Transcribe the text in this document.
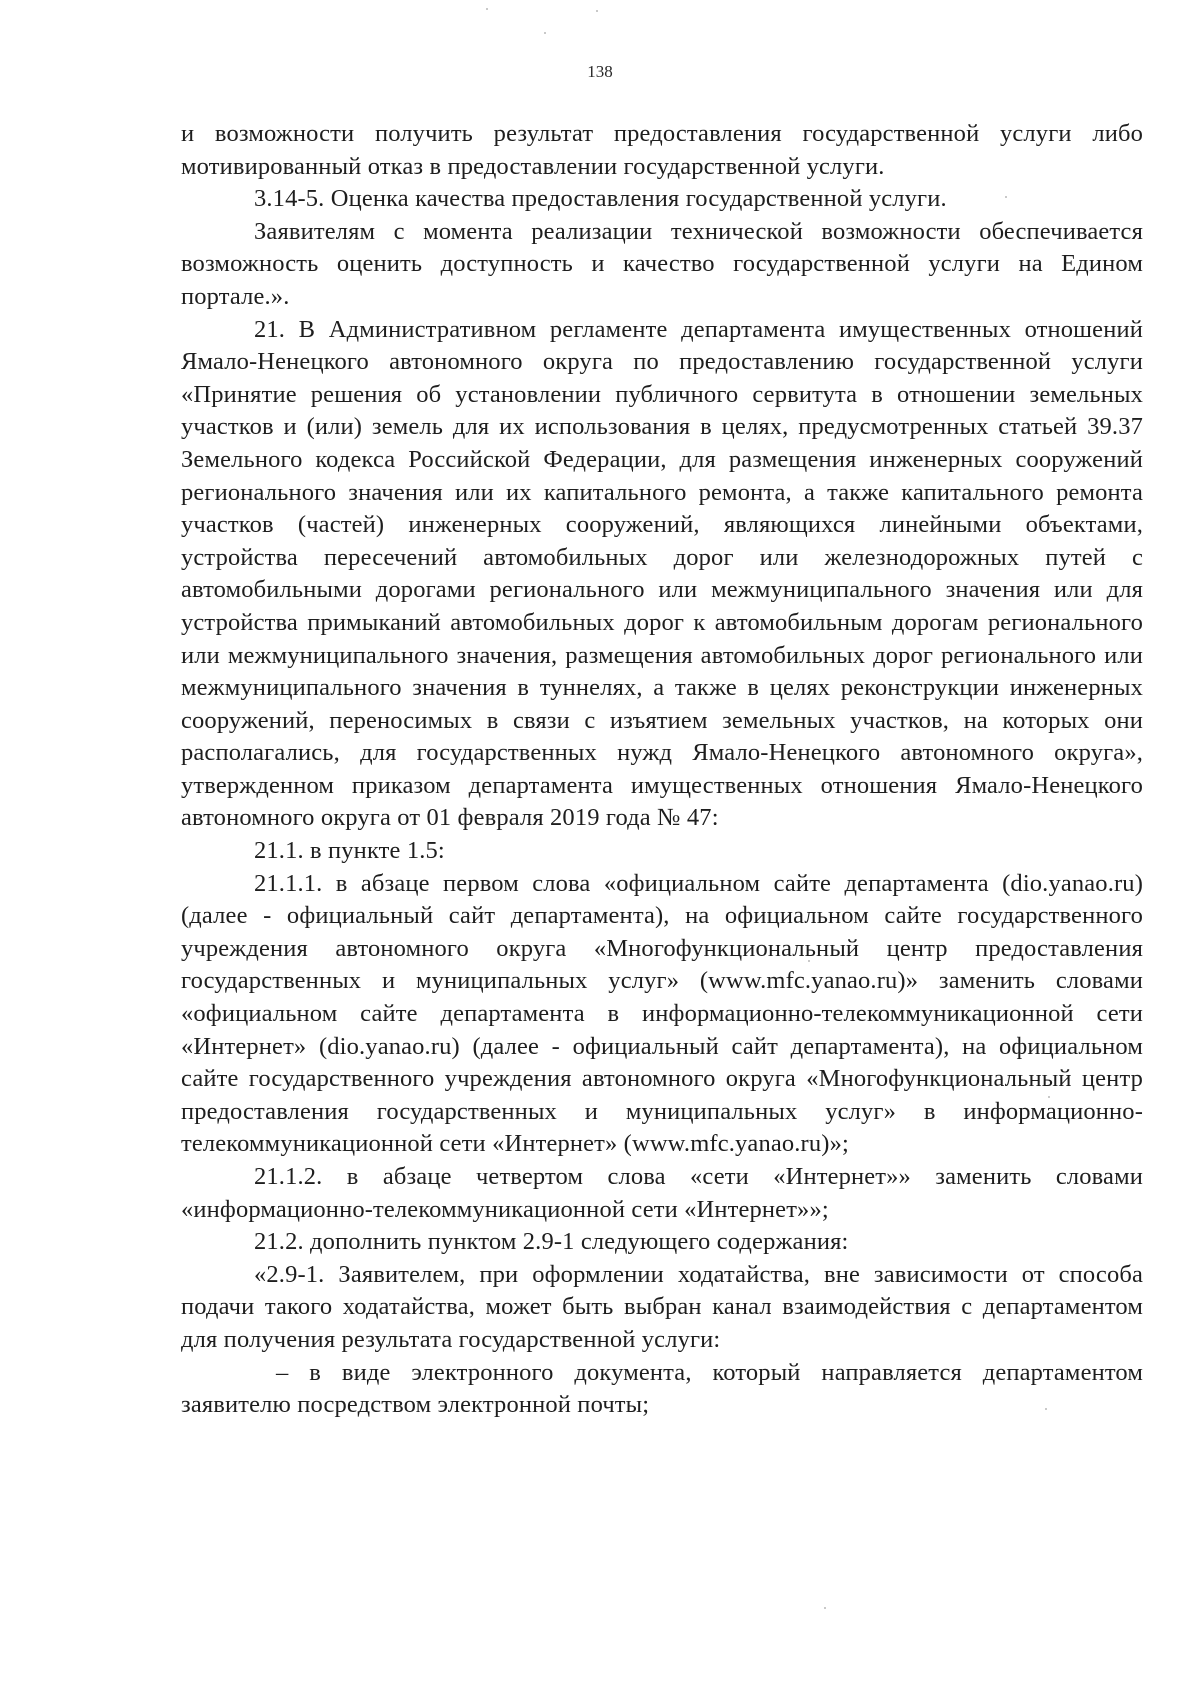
138

и возможности получить результат предоставления государственной услуги либо мотивированный отказ в предоставлении государственной услуги.

3.14-5. Оценка качества предоставления государственной услуги.

Заявителям с момента реализации технической возможности обеспечивается возможность оценить доступность и качество государственной услуги на Едином портале.».

21. В Административном регламенте департамента имущественных отношений Ямало-Ненецкого автономного округа по предоставлению государственной услуги «Принятие решения об установлении публичного сервитута в отношении земельных участков и (или) земель для их использования в целях, предусмотренных статьей 39.37 Земельного кодекса Российской Федерации, для размещения инженерных сооружений регионального значения или их капитального ремонта, а также капитального ремонта участков (частей) инженерных сооружений, являющихся линейными объектами, устройства пересечений автомобильных дорог или железнодорожных путей с автомобильными дорогами регионального или межмуниципального значения или для устройства примыканий автомобильных дорог к автомобильным дорогам регионального или межмуниципального значения, размещения автомобильных дорог регионального или межмуниципального значения в туннелях, а также в целях реконструкции инженерных сооружений, переносимых в связи с изъятием земельных участков, на которых они располагались, для государственных нужд Ямало-Ненецкого автономного округа», утвержденном приказом департамента имущественных отношения Ямало-Ненецкого автономного округа от 01 февраля 2019 года № 47:

21.1. в пункте 1.5:

21.1.1. в абзаце первом слова «официальном сайте департамента (dio.yanao.ru) (далее - официальный сайт департамента), на официальном сайте государственного учреждения автономного округа «Многофункциональный центр предоставления государственных и муниципальных услуг» (www.mfc.yanao.ru)» заменить словами «официальном сайте департамента в информационно-телекоммуникационной сети «Интернет» (dio.yanao.ru) (далее - официальный сайт департамента), на официальном сайте государственного учреждения автономного округа «Многофункциональный центр предоставления государственных и муниципальных услуг» в информационно-телекоммуникационной сети «Интернет» (www.mfc.yanao.ru)»;

21.1.2. в абзаце четвертом слова «сети «Интернет»» заменить словами «информационно-телекоммуникационной сети «Интернет»»;

21.2. дополнить пунктом 2.9-1 следующего содержания:

«2.9-1. Заявителем, при оформлении ходатайства, вне зависимости от способа подачи такого ходатайства, может быть выбран канал взаимодействия с департаментом для получения результата государственной услуги:

– в виде электронного документа, который направляется департаментом заявителю посредством электронной почты;
